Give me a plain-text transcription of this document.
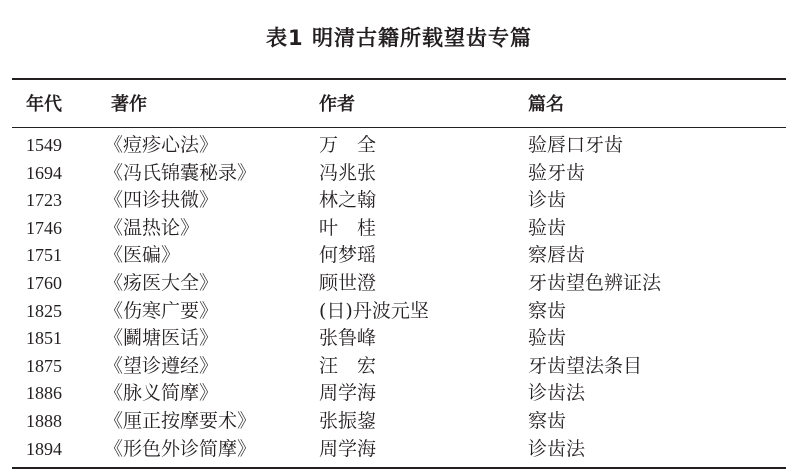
表1 明清古籍所载望齿专篇
年代	著作	作者	篇名
1549 《痘疹心法》	万　全	验唇口牙齿
1694 《冯氏锦囊秘录》	冯兆张	验牙齿
1723 《四诊抉微》	林之翰	诊齿
1746 《温热论》	叶　桂	验齿
1751 《医碥》	何梦瑶	察唇齿
1760 《疡医大全》	顾世澄	牙齿望色辨证法
1825 《伤寒广要》	(日)丹波元坚	察齿
1851 《鬬塘医话》	张鲁峰	验齿
1875 《望诊遵经》	汪　宏	牙齿望法条目
1886 《脉义简摩》	周学海	诊齿法
1888 《厘正按摩要术》	张振鋆	察齿
1894 《形色外诊简摩》	周学海	诊齿法
